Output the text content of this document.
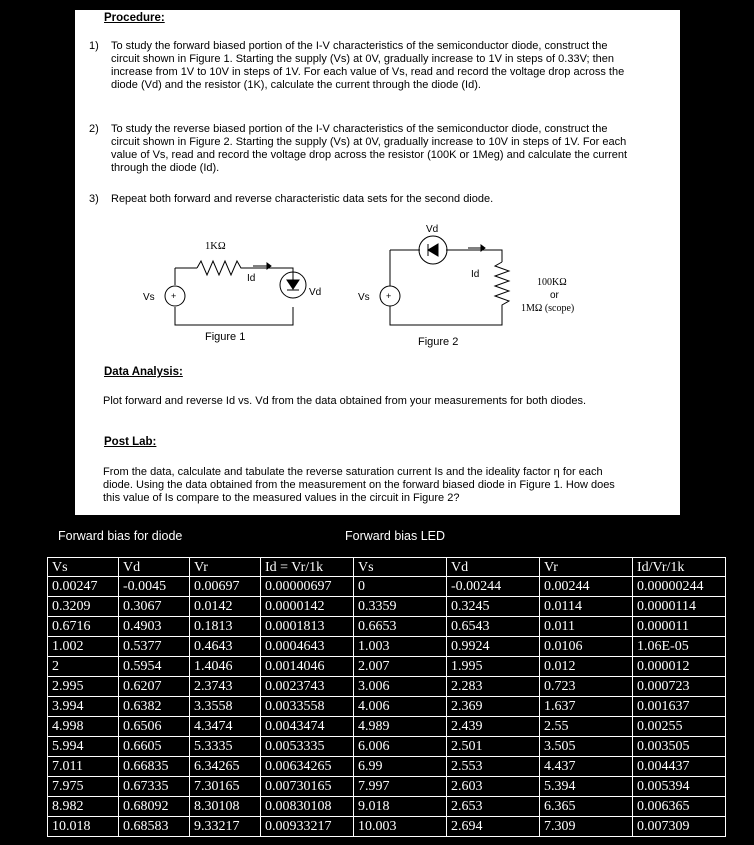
Procedure:
1) To study the forward biased portion of the I-V characteristics of the semiconductor diode, construct the circuit shown in Figure 1. Starting the supply (Vs) at 0V, gradually increase to 1V in steps of 0.33V; then increase from 1V to 10V in steps of 1V. For each value of Vs, read and record the voltage drop across the diode (Vd) and the resistor (1K), calculate the current through the diode (Id).
2) To study the reverse biased portion of the I-V characteristics of the semiconductor diode, construct the circuit shown in Figure 2. Starting the supply (Vs) at 0V, gradually increase to 10V in steps of 1V. For each value of Vs, read and record the voltage drop across the resistor (100K or 1Meg) and calculate the current through the diode (Id).
3) Repeat both forward and reverse characteristic data sets for the second diode.
+	+
1KΩ
Id
Vd
Vs
Figure 1
Vd
Id
Vs
100KΩ
or
1MΩ (scope)
Figure 2
Data Analysis:
Plot forward and reverse Id vs. Vd from the data obtained from your measurements for both diodes.
Post Lab:
From the data, calculate and tabulate the reverse saturation current Is and the ideality factor η for each diode. Using the data obtained from the measurement on the forward biased diode in Figure 1. How does this value of Is compare to the measured values in the circuit in Figure 2?
Forward bias for diode	Forward bias LED
Vs	Vd	Vr	Id = Vr/1k	Vs	Vd	Vr	Id/Vr/1k
0.00247	-0.0045	0.00697	0.00000697	0	-0.00244	0.00244	0.00000244
0.3209	0.3067	0.0142	0.0000142	0.3359	0.3245	0.0114	0.0000114
0.6716	0.4903	0.1813	0.0001813	0.6653	0.6543	0.011	0.000011
1.002	0.5377	0.4643	0.0004643	1.003	0.9924	0.0106	1.06E-05
2	0.5954	1.4046	0.0014046	2.007	1.995	0.012	0.000012
2.995	0.6207	2.3743	0.0023743	3.006	2.283	0.723	0.000723
3.994	0.6382	3.3558	0.0033558	4.006	2.369	1.637	0.001637
4.998	0.6506	4.3474	0.0043474	4.989	2.439	2.55	0.00255
5.994	0.6605	5.3335	0.0053335	6.006	2.501	3.505	0.003505
7.011	0.66835	6.34265	0.00634265	6.99	2.553	4.437	0.004437
7.975	0.67335	7.30165	0.00730165	7.997	2.603	5.394	0.005394
8.982	0.68092	8.30108	0.00830108	9.018	2.653	6.365	0.006365
10.018	0.68583	9.33217	0.00933217	10.003	2.694	7.309	0.007309
